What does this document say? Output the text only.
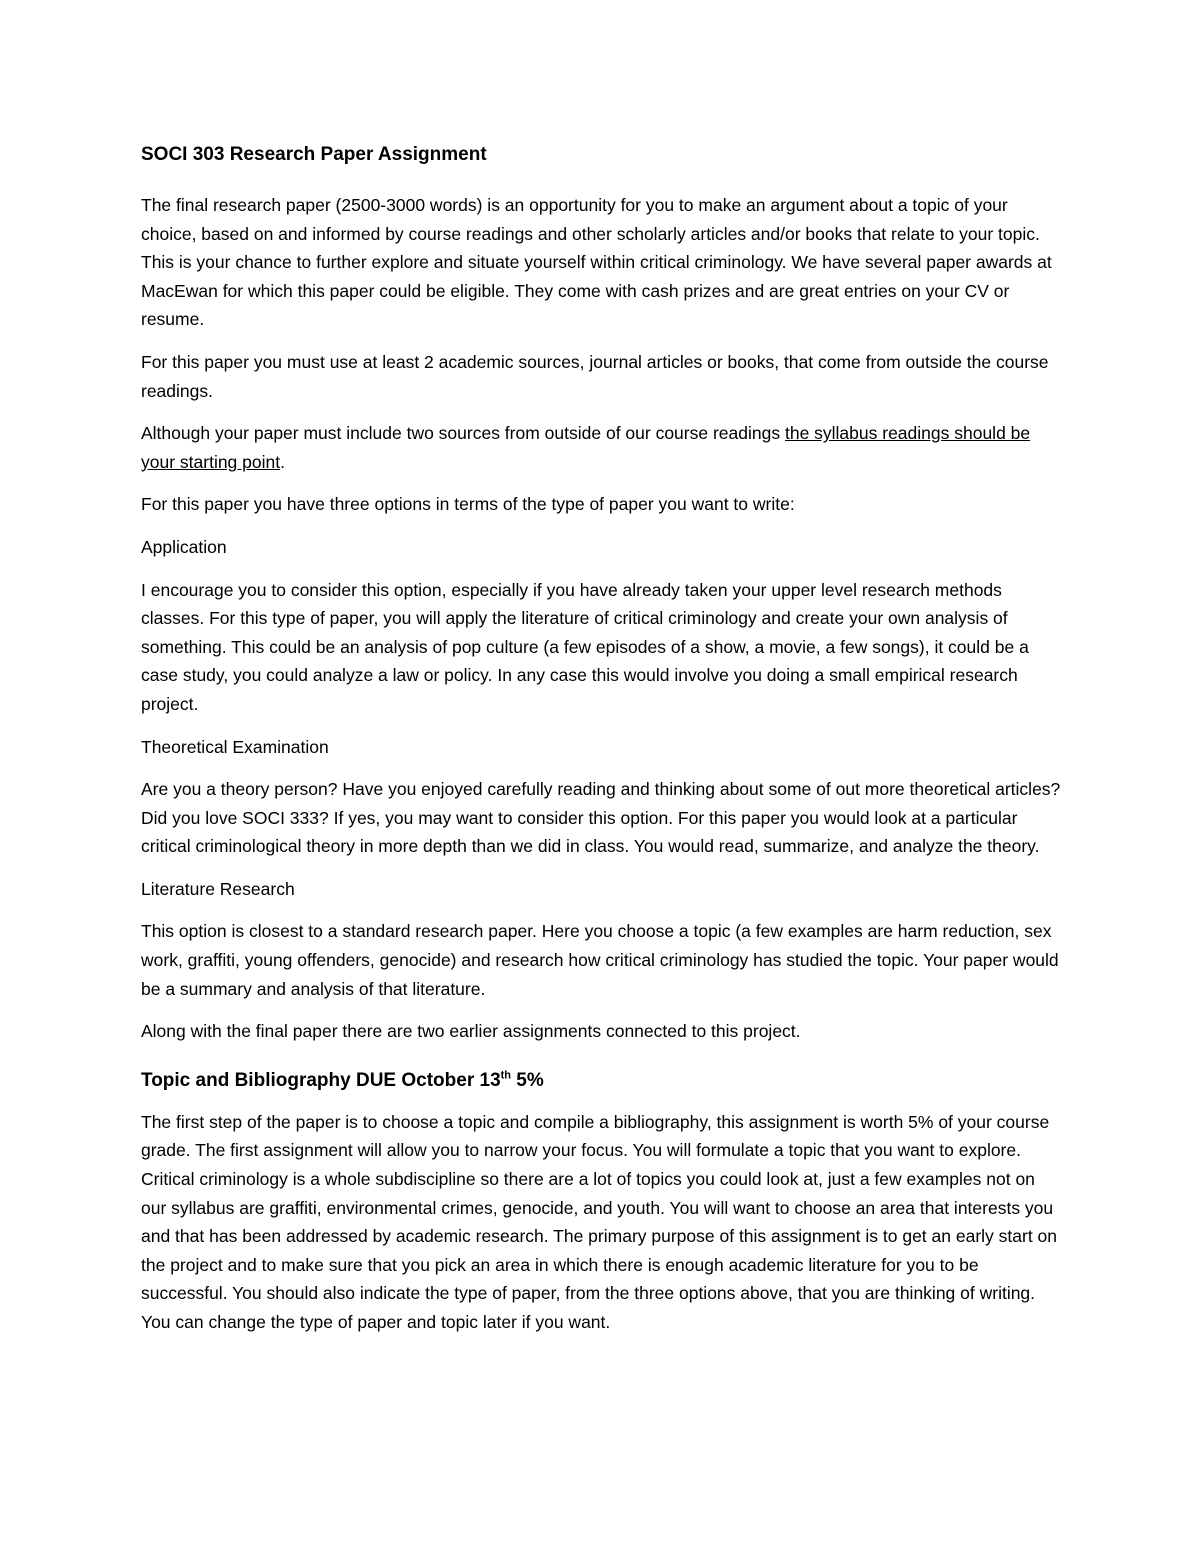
SOCI 303 Research Paper Assignment

The final research paper (2500-3000 words) is an opportunity for you to make an argument about a topic of your choice, based on and informed by course readings and other scholarly articles and/or books that relate to your topic. This is your chance to further explore and situate yourself within critical criminology. We have several paper awards at MacEwan for which this paper could be eligible. They come with cash prizes and are great entries on your CV or resume.

For this paper you must use at least 2 academic sources, journal articles or books, that come from outside the course readings.

Although your paper must include two sources from outside of our course readings the syllabus readings should be your starting point.

For this paper you have three options in terms of the type of paper you want to write:

Application

I encourage you to consider this option, especially if you have already taken your upper level research methods classes. For this type of paper, you will apply the literature of critical criminology and create your own analysis of something. This could be an analysis of pop culture (a few episodes of a show, a movie, a few songs), it could be a case study, you could analyze a law or policy. In any case this would involve you doing a small empirical research project.

Theoretical Examination

Are you a theory person? Have you enjoyed carefully reading and thinking about some of out more theoretical articles? Did you love SOCI 333? If yes, you may want to consider this option. For this paper you would look at a particular critical criminological theory in more depth than we did in class. You would read, summarize, and analyze the theory.

Literature Research

This option is closest to a standard research paper. Here you choose a topic (a few examples are harm reduction, sex work, graffiti, young offenders, genocide) and research how critical criminology has studied the topic. Your paper would be a summary and analysis of that literature.

Along with the final paper there are two earlier assignments connected to this project.

Topic and Bibliography DUE October 13th 5%

The first step of the paper is to choose a topic and compile a bibliography, this assignment is worth 5% of your course grade. The first assignment will allow you to narrow your focus. You will formulate a topic that you want to explore. Critical criminology is a whole subdiscipline so there are a lot of topics you could look at, just a few examples not on our syllabus are graffiti, environmental crimes, genocide, and youth. You will want to choose an area that interests you and that has been addressed by academic research. The primary purpose of this assignment is to get an early start on the project and to make sure that you pick an area in which there is enough academic literature for you to be successful. You should also indicate the type of paper, from the three options above, that you are thinking of writing. You can change the type of paper and topic later if you want.
